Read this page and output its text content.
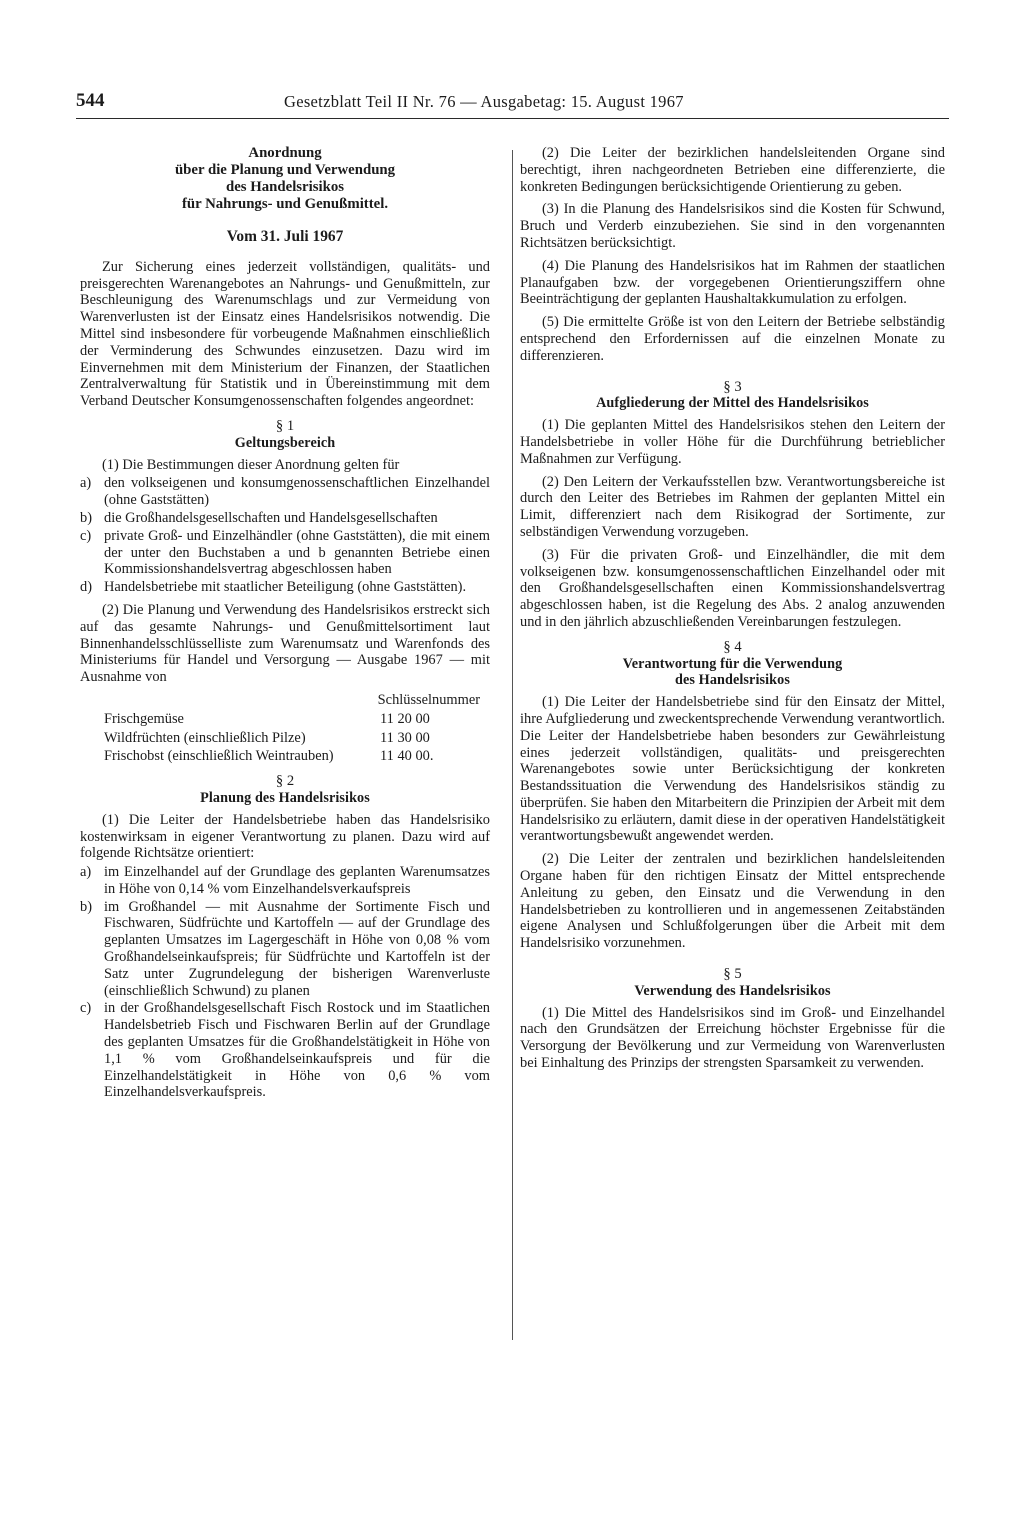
544	Gesetzblatt Teil II Nr. 76 — Ausgabetag: 15. August 1967
Anordnung
über die Planung und Verwendung
des Handelsrisikos
für Nahrungs- und Genußmittel.
Vom 31. Juli 1967

Zur Sicherung eines jederzeit vollständigen, qualitäts- und preisgerechten Warenangebotes an Nahrungs- und Genußmitteln, zur Beschleunigung des Warenumschlags und zur Vermeidung von Warenverlusten ist der Einsatz eines Handelsrisikos notwendig. Die Mittel sind insbesondere für vorbeugende Maßnahmen einschließlich der Verminderung des Schwundes einzusetzen. Dazu wird im Einvernehmen mit dem Ministerium der Finanzen, der Staatlichen Zentralverwaltung für Statistik und in Übereinstimmung mit dem Verband Deutscher Konsumgenossenschaften folgendes angeordnet:

§ 1
Geltungsbereich

(1) Die Bestimmungen dieser Anordnung gelten für

a) den volkseigenen und konsumgenossenschaftlichen Einzelhandel (ohne Gaststätten)
b) die Großhandelsgesellschaften und Handelsgesellschaften
c) private Groß- und Einzelhändler (ohne Gaststätten), die mit einem der unter den Buchstaben a und b genannten Betriebe einen Kommissionshandelsvertrag abgeschlossen haben
d) Handelsbetriebe mit staatlicher Beteiligung (ohne Gaststätten).

(2) Die Planung und Verwendung des Handelsrisikos erstreckt sich auf das gesamte Nahrungs- und Genußmittelsortiment laut Binnenhandelsschlüsselliste zum Warenumsatz und Warenfonds des Ministeriums für Handel und Versorgung — Ausgabe 1967 — mit Ausnahme von

Schlüsselnummer
Frischgemüse	11 20 00
Wildfrüchten (einschließlich Pilze)	11 30 00
Frischobst (einschließlich Weintrauben)	11 40 00.
§ 2
Planung des Handelsrisikos

(1) Die Leiter der Handelsbetriebe haben das Handelsrisiko kostenwirksam in eigener Verantwortung zu planen. Dazu wird auf folgende Richtsätze orientiert:

a) im Einzelhandel auf der Grundlage des geplanten Warenumsatzes in Höhe von 0,14 % vom Einzelhandelsverkaufspreis
b) im Großhandel — mit Ausnahme der Sortimente Fisch und Fischwaren, Südfrüchte und Kartoffeln — auf der Grundlage des geplanten Umsatzes im Lagergeschäft in Höhe von 0,08 % vom Großhandelseinkaufspreis; für Südfrüchte und Kartoffeln ist der Satz unter Zugrundelegung der bisherigen Warenverluste (einschließlich Schwund) zu planen
c) in der Großhandelsgesellschaft Fisch Rostock und im Staatlichen Handelsbetrieb Fisch und Fischwaren Berlin auf der Grundlage des geplanten Umsatzes für die Großhandelstätigkeit in Höhe von 1,1 % vom Großhandelseinkaufspreis und für die Einzelhandelstätigkeit in Höhe von 0,6 % vom Einzelhandelsverkaufspreis.

(2) Die Leiter der bezirklichen handelsleitenden Organe sind berechtigt, ihren nachgeordneten Betrieben eine differenzierte, die konkreten Bedingungen berücksichtigende Orientierung zu geben.

(3) In die Planung des Handelsrisikos sind die Kosten für Schwund, Bruch und Verderb einzubeziehen. Sie sind in den vorgenannten Richtsätzen berücksichtigt.

(4) Die Planung des Handelsrisikos hat im Rahmen der staatlichen Planaufgaben bzw. der vorgegebenen Orientierungsziffern ohne Beeinträchtigung der geplanten Haushaltakkumulation zu erfolgen.

(5) Die ermittelte Größe ist von den Leitern der Betriebe selbständig entsprechend den Erfordernissen auf die einzelnen Monate zu differenzieren.

§ 3
Aufgliederung der Mittel des Handelsrisikos

(1) Die geplanten Mittel des Handelsrisikos stehen den Leitern der Handelsbetriebe in voller Höhe für die Durchführung betrieblicher Maßnahmen zur Verfügung.

(2) Den Leitern der Verkaufsstellen bzw. Verantwortungsbereiche ist durch den Leiter des Betriebes im Rahmen der geplanten Mittel ein Limit, differenziert nach dem Risikograd der Sortimente, zur selbständigen Verwendung vorzugeben.

(3) Für die privaten Groß- und Einzelhändler, die mit dem volkseigenen bzw. konsumgenossenschaftlichen Einzelhandel oder mit den Großhandelsgesellschaften einen Kommissionshandelsvertrag abgeschlossen haben, ist die Regelung des Abs. 2 analog anzuwenden und in den jährlich abzuschließenden Vereinbarungen festzulegen.

§ 4
Verantwortung für die Verwendung
des Handelsrisikos

(1) Die Leiter der Handelsbetriebe sind für den Einsatz der Mittel, ihre Aufgliederung und zweckentsprechende Verwendung verantwortlich. Die Leiter der Handelsbetriebe haben besonders zur Gewährleistung eines jederzeit vollständigen, qualitäts- und preisgerechten Warenangebotes sowie unter Berücksichtigung der konkreten Bestandssituation die Verwendung des Handelsrisikos ständig zu überprüfen. Sie haben den Mitarbeitern die Prinzipien der Arbeit mit dem Handelsrisiko zu erläutern, damit diese in der operativen Handelstätigkeit verantwortungsbewußt angewendet werden.

(2) Die Leiter der zentralen und bezirklichen handelsleitenden Organe haben für den richtigen Einsatz der Mittel entsprechende Anleitung zu geben, den Einsatz und die Verwendung in den Handelsbetrieben zu kontrollieren und in angemessenen Zeitabständen eigene Analysen und Schlußfolgerungen über die Arbeit mit dem Handelsrisiko vorzunehmen.

§ 5
Verwendung des Handelsrisikos

(1) Die Mittel des Handelsrisikos sind im Groß- und Einzelhandel nach den Grundsätzen der Erreichung höchster Ergebnisse für die Versorgung der Bevölkerung und zur Vermeidung von Warenverlusten bei Einhaltung des Prinzips der strengsten Sparsamkeit zu verwenden.
